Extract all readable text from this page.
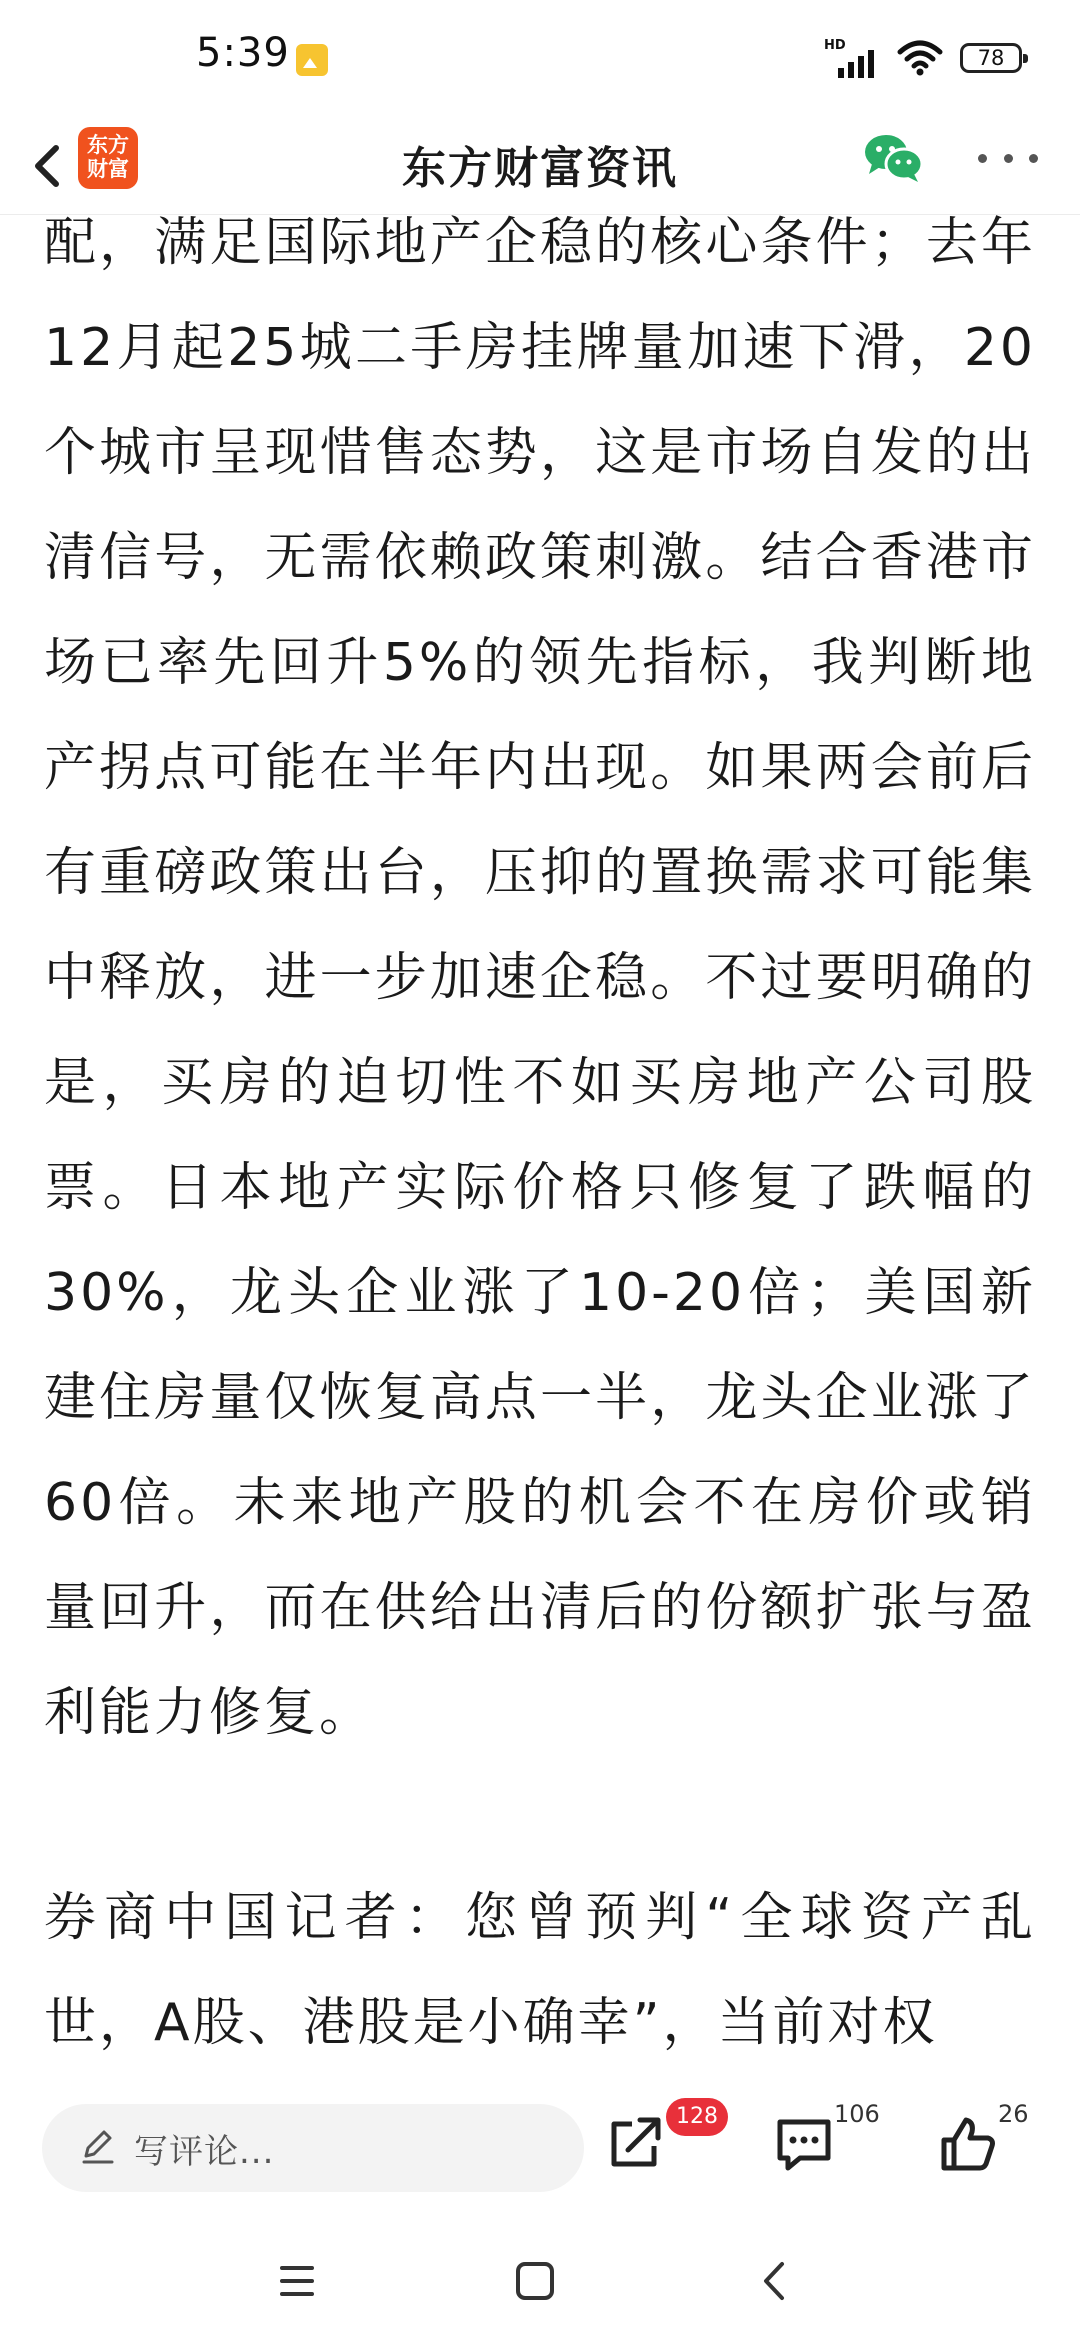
5:39	HD	78
东方
财富	东方财富资讯

配，满足国际地产企稳的核心条件；去年12月起25城二手房挂牌量加速下滑，20个城市呈现惜售态势，这是市场自发的出清信号，无需依赖政策刺激。结合香港市场已率先回升5%的领先指标，我判断地产拐点可能在半年内出现。如果两会前后有重磅政策出台，压抑的置换需求可能集中释放，进一步加速企稳。不过要明确的是，买房的迫切性不如买房地产公司股票。日本地产实际价格只修复了跌幅的30%，龙头企业涨了10-20倍；美国新建住房量仅恢复高点一半，龙头企业涨了60倍。未来地产股的机会不在房价或销量回升，而在供给出清后的份额扩张与盈利能力修复。

券商中国记者：您曾预判“全球资产乱世，A股、港股是小确幸”，当前对权

写评论...
128	106	26
